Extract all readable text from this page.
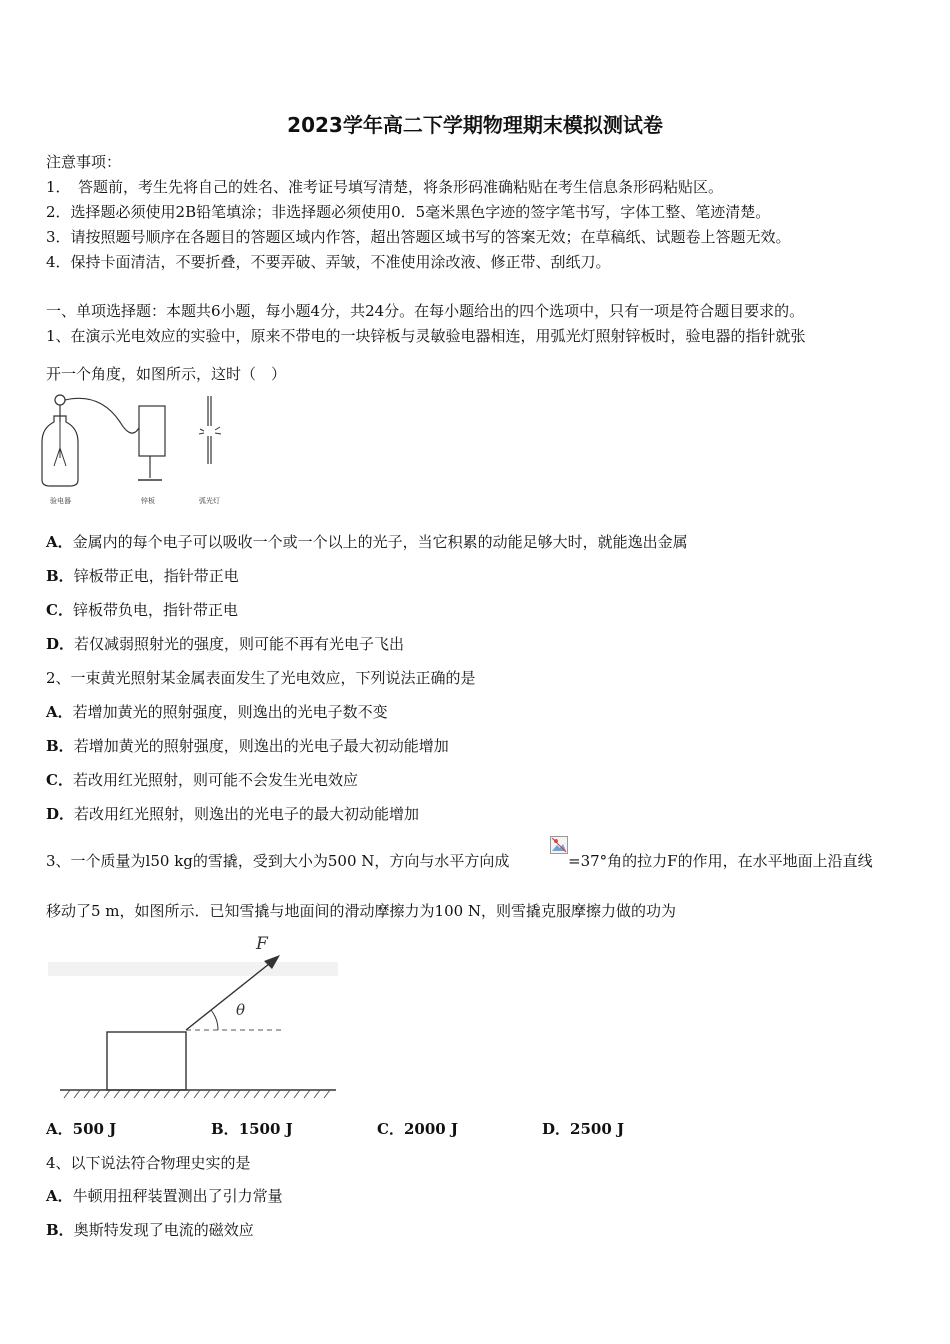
2023学年高二下学期物理期末模拟测试卷
注意事项：
1．　答题前，考生先将自己的姓名、准考证号填写清楚，将条形码准确粘贴在考生信息条形码粘贴区。
2．选择题必须使用2B铅笔填涂；非选择题必须使用0．5毫米黑色字迹的签字笔书写，字体工整、笔迹清楚。
3．请按照题号顺序在各题目的答题区域内作答，超出答题区域书写的答案无效；在草稿纸、试题卷上答题无效。
4．保持卡面清洁，不要折叠，不要弄破、弄皱，不准使用涂改液、修正带、刮纸刀。
一、单项选择题：本题共6小题，每小题4分，共24分。在每小题给出的四个选项中，只有一项是符合题目要求的。
1、在演示光电效应的实验中，原来不带电的一块锌板与灵敏验电器相连，用弧光灯照射锌板时，验电器的指针就张
开一个角度，如图所示，这时（　）
验电器	锌板	弧光灯
A．金属内的每个电子可以吸收一个或一个以上的光子，当它积累的动能足够大时，就能逸出金属
B．锌板带正电，指针带正电
C．锌板带负电，指针带正电
D．若仅减弱照射光的强度，则可能不再有光电子飞出
2、一束黄光照射某金属表面发生了光电效应，下列说法正确的是
A．若增加黄光的照射强度，则逸出的光电子数不变
B．若增加黄光的照射强度，则逸出的光电子最大初动能增加
C．若改用红光照射，则可能不会发生光电效应
D．若改用红光照射，则逸出的光电子的最大初动能增加
3、一个质量为l50 kg的雪撬，受到大小为500 N，方向与水平方向成	=37°角的拉力F的作用，在水平地面上沿直线
移动了5 m，如图所示．已知雪撬与地面间的滑动摩擦力为100 N，则雪撬克服摩擦力做的功为
F
θ
A．500 J	B．1500 J	C．2000 J	D．2500 J
4、以下说法符合物理史实的是
A．牛顿用扭秤装置测出了引力常量
B．奥斯特发现了电流的磁效应
